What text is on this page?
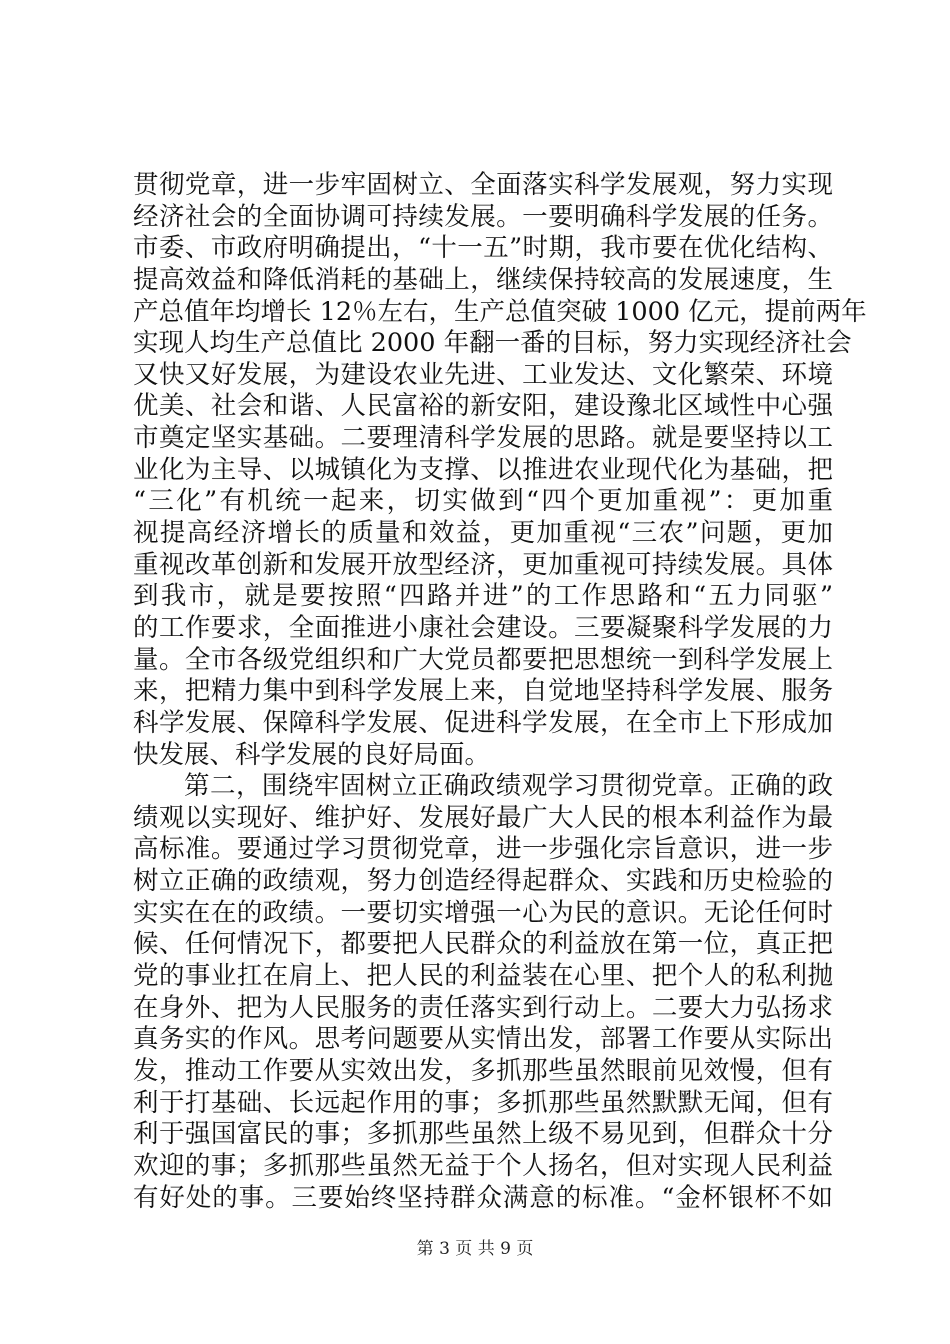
贯彻党章，进一步牢固树立、全面落实科学发展观，努力实现
经济社会的全面协调可持续发展。一要明确科学发展的任务。
市委、市政府明确提出，“十一五”时期，我市要在优化结构、
提高效益和降低消耗的基础上，继续保持较高的发展速度，生
产总值年均增长 12％左右，生产总值突破 1000 亿元，提前两年
实现人均生产总值比 2000 年翻一番的目标，努力实现经济社会
又快又好发展，为建设农业先进、工业发达、文化繁荣、环境
优美、社会和谐、人民富裕的新安阳，建设豫北区域性中心强
市奠定坚实基础。二要理清科学发展的思路。就是要坚持以工
业化为主导、以城镇化为支撑、以推进农业现代化为基础，把
“三化”有机统一起来，切实做到“四个更加重视”：更加重
视提高经济增长的质量和效益，更加重视“三农”问题，更加
重视改革创新和发展开放型经济，更加重视可持续发展。具体
到我市，就是要按照“四路并进”的工作思路和“五力同驱”
的工作要求，全面推进小康社会建设。三要凝聚科学发展的力
量。全市各级党组织和广大党员都要把思想统一到科学发展上
来，把精力集中到科学发展上来，自觉地坚持科学发展、服务
科学发展、保障科学发展、促进科学发展，在全市上下形成加
快发展、科学发展的良好局面。
第二，围绕牢固树立正确政绩观学习贯彻党章。正确的政
绩观以实现好、维护好、发展好最广大人民的根本利益作为最
高标准。要通过学习贯彻党章，进一步强化宗旨意识，进一步
树立正确的政绩观，努力创造经得起群众、实践和历史检验的
实实在在的政绩。一要切实增强一心为民的意识。无论任何时
候、任何情况下，都要把人民群众的利益放在第一位，真正把
党的事业扛在肩上、把人民的利益装在心里、把个人的私利抛
在身外、把为人民服务的责任落实到行动上。二要大力弘扬求
真务实的作风。思考问题要从实情出发，部署工作要从实际出
发，推动工作要从实效出发，多抓那些虽然眼前见效慢，但有
利于打基础、长远起作用的事；多抓那些虽然默默无闻，但有
利于强国富民的事；多抓那些虽然上级不易见到，但群众十分
欢迎的事；多抓那些虽然无益于个人扬名，但对实现人民利益
有好处的事。三要始终坚持群众满意的标准。“金杯银杯不如
第 3 页 共 9 页
